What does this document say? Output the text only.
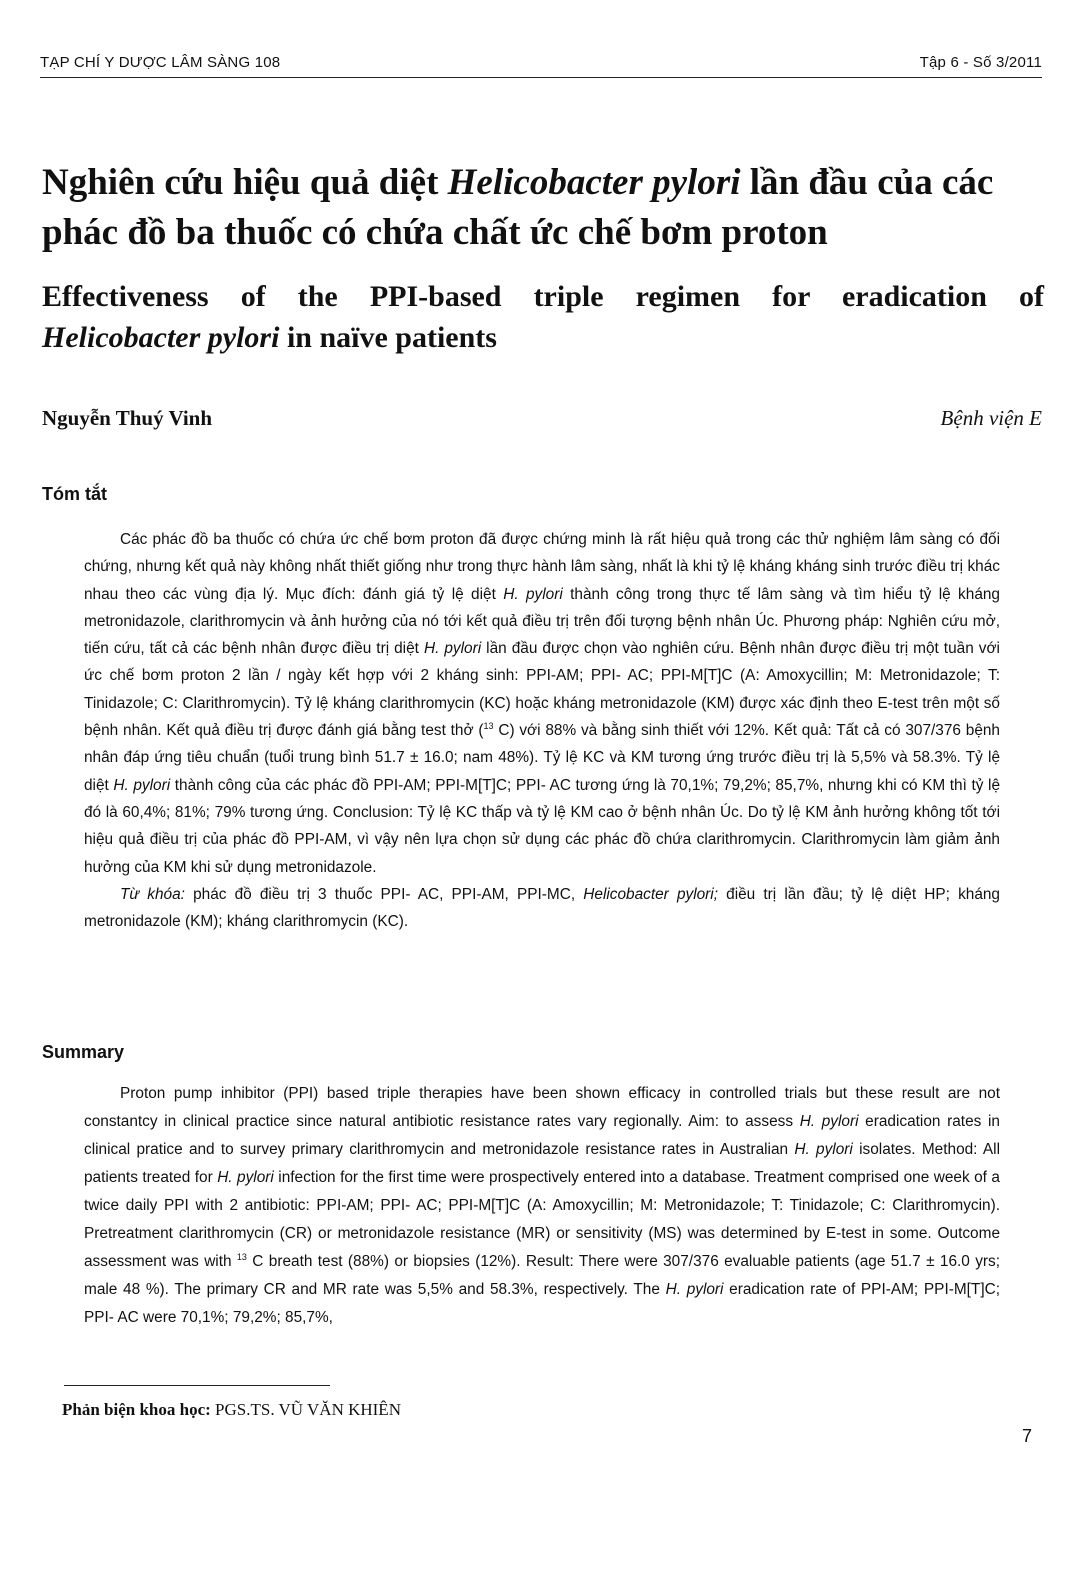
TẠP CHÍ Y DƯỢC LÂM SÀNG 108	Tập 6 - Số 3/2011
Nghiên cứu hiệu quả diệt Helicobacter pylori lần đầu của các phác đồ ba thuốc có chứa chất ức chế bơm proton
Effectiveness of the PPI-based triple regimen for eradication of
Helicobacter pylori in naïve patients
Nguyễn Thuý Vinh	Bệnh viện E
Tóm tắt

Các phác đồ ba thuốc có chứa ức chế bơm proton đã được chứng minh là rất hiệu quả trong các thử nghiệm lâm sàng có đối chứng, nhưng kết quả này không nhất thiết giống như trong thực hành lâm sàng, nhất là khi tỷ lệ kháng kháng sinh trước điều trị khác nhau theo các vùng địa lý. Mục đích: đánh giá tỷ lệ diệt H. pylori thành công trong thực tế lâm sàng và tìm hiểu tỷ lệ kháng metronidazole, clarithromycin và ảnh hưởng của nó tới kết quả điều trị trên đối tượng bệnh nhân Úc. Phương pháp: Nghiên cứu mở, tiến cứu, tất cả các bệnh nhân được điều trị diệt H. pylori lần đầu được chọn vào nghiên cứu. Bệnh nhân được điều trị một tuần với ức chế bơm proton 2 lần / ngày kết hợp với 2 kháng sinh: PPI-AM; PPI- AC; PPI-M[T]C (A: Amoxycillin; M: Metronidazole; T: Tinidazole; C: Clarithromycin). Tỷ lệ kháng clarithromycin (KC) hoặc kháng metronidazole (KM) được xác định theo E-test trên một số bệnh nhân. Kết quả điều trị được đánh giá bằng test thở ($^{13}$ C) với 88% và bằng sinh thiết với 12%. Kết quả: Tất cả có 307/376 bệnh nhân đáp ứng tiêu chuẩn (tuổi trung bình 51.7 ± 16.0; nam 48%). Tỷ lệ KC và KM tương ứng trước điều trị là 5,5% và 58.3%. Tỷ lệ diệt H. pylori thành công của các phác đồ PPI-AM; PPI-M[T]C; PPI- AC tương ứng là 70,1%; 79,2%; 85,7%, nhưng khi có KM thì tỷ lệ đó là 60,4%; 81%; 79% tương ứng. Conclusion: Tỷ lệ KC thấp và tỷ lệ KM cao ở bệnh nhân Úc. Do tỷ lệ KM ảnh hưởng không tốt tới hiệu quả điều trị của phác đồ PPI-AM, vì vậy nên lựa chọn sử dụng các phác đồ chứa clarithromycin. Clarithromycin làm giảm ảnh hưởng của KM khi sử dụng metronidazole.

Từ khóa: phác đồ điều trị 3 thuốc PPI- AC, PPI-AM, PPI-MC, Helicobacter pylori; điều trị lần đầu; tỷ lệ diệt HP; kháng metronidazole (KM); kháng clarithromycin (KC).

Summary

Proton pump inhibitor (PPI) based triple therapies have been shown efficacy in controlled trials but these result are not constantcy in clinical practice since natural antibiotic resistance rates vary regionally. Aim: to assess H. pylori eradication rates in clinical pratice and to survey primary clarithromycin and metronidazole resistance rates in Australian H. pylori isolates. Method: All patients treated for H. pylori infection for the first time were prospectively entered into a database. Treatment comprised one week of a twice daily PPI with 2 antibiotic: PPI-AM; PPI- AC; PPI-M[T]C (A: Amoxycillin; M: Metronidazole; T: Tinidazole; C: Clarithromycin). Pretreatment clarithromycin (CR) or metronidazole resistance (MR) or sensitivity (MS) was determined by E-test in some. Outcome assessment was with $^{13}$ C breath test (88%) or biopsies (12%). Result: There were 307/376 evaluable patients (age 51.7 ± 16.0 yrs; male 48 %). The primary CR and MR rate was 5,5% and 58.3%, respectively. The H. pylori eradication rate of PPI-AM; PPI-M[T]C; PPI- AC were 70,1%; 79,2%; 85,7%,

Phản biện khoa học: PGS.TS. VŨ VĂN KHIÊN
7
